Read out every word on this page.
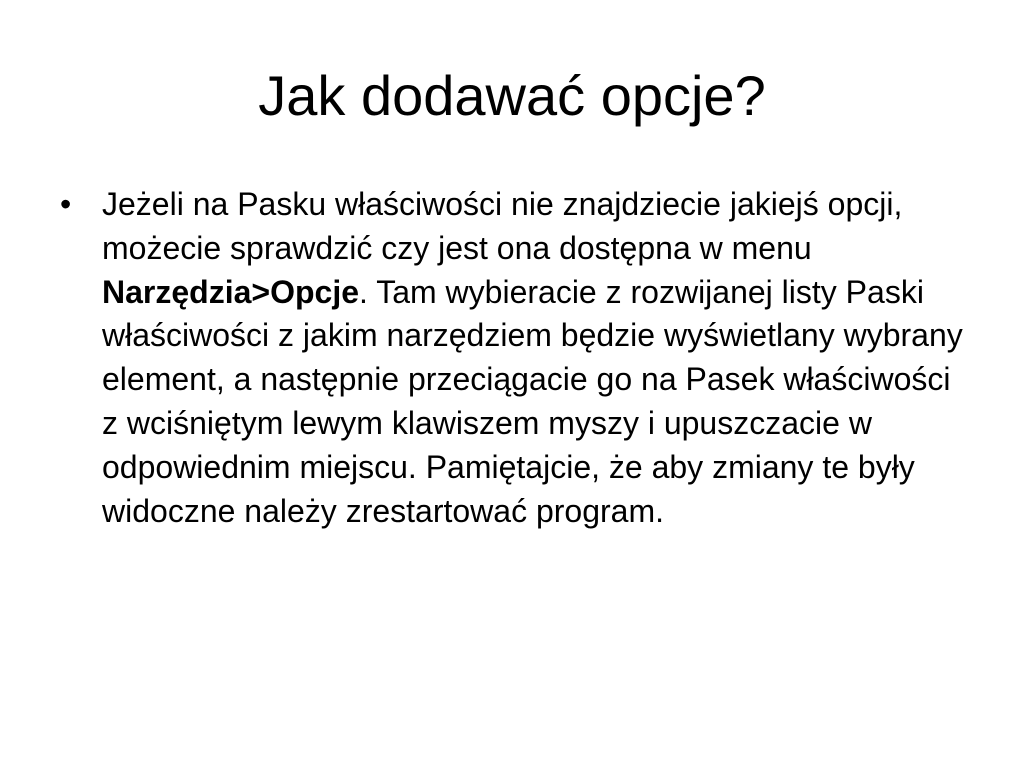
Jak dodawać opcje?
• Jeżeli na Pasku właściwości nie znajdziecie jakiejś opcji, możecie sprawdzić czy jest ona dostępna w menu Narzędzia>Opcje. Tam wybieracie z rozwijanej listy Paski właściwości z jakim narzędziem będzie wyświetlany wybrany element, a następnie przeciągacie go na Pasek właściwości z wciśniętym lewym klawiszem myszy i upuszczacie w odpowiednim miejscu. Pamiętajcie, że aby zmiany te były widoczne należy zrestartować program.
